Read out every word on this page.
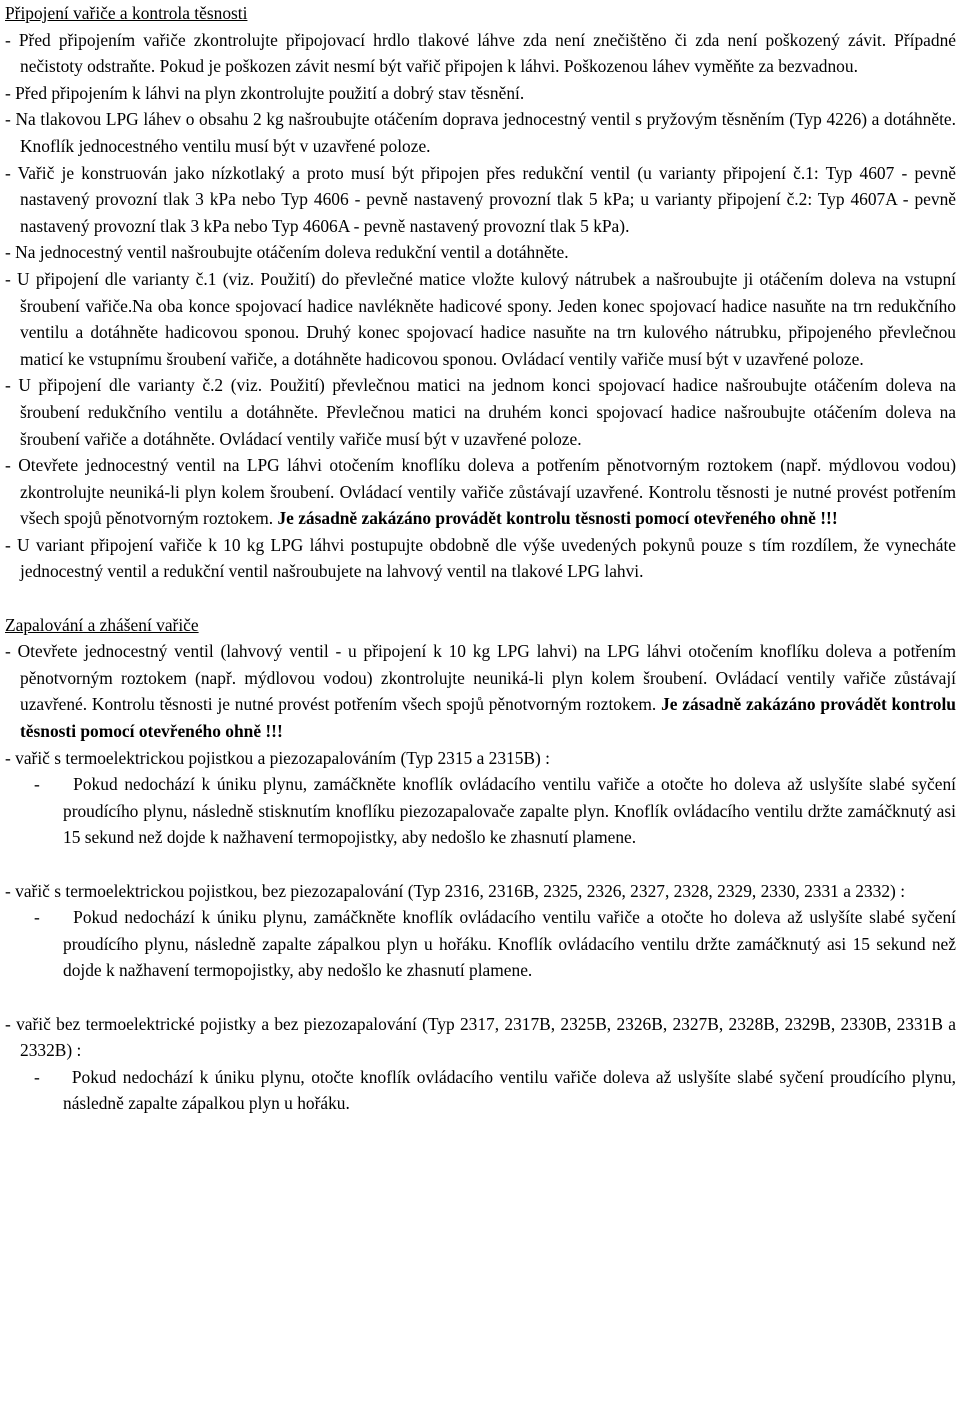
Připojení vařiče a kontrola těsnosti

- Před připojením vařiče zkontrolujte připojovací hrdlo tlakové láhve zda není znečištěno či zda není poškozený závit. Případné nečistoty odstraňte. Pokud je poškozen závit nesmí být vařič připojen k láhvi. Poškozenou láhev vyměňte za bezvadnou.

- Před připojením k láhvi na plyn zkontrolujte použití a dobrý stav těsnění.

- Na tlakovou LPG láhev o obsahu 2 kg našroubujte otáčením doprava jednocestný ventil s pryžovým těsněním (Typ 4226) a dotáhněte. Knoflík jednocestného ventilu musí být v uzavřené poloze.

- Vařič je konstruován jako nízkotlaký a proto musí být připojen přes redukční ventil (u varianty připojení č.1: Typ 4607 - pevně nastavený provozní tlak 3 kPa nebo Typ 4606 - pevně nastavený provozní tlak 5 kPa; u varianty připojení č.2: Typ 4607A - pevně nastavený provozní tlak 3 kPa nebo Typ 4606A - pevně nastavený provozní tlak 5 kPa).

- Na jednocestný ventil našroubujte otáčením doleva redukční ventil a dotáhněte.

- U připojení dle varianty č.1 (viz. Použití) do převlečné matice vložte kulový nátrubek a našroubujte ji otáčením doleva na vstupní šroubení vařiče.Na oba konce spojovací hadice navlékněte hadicové spony. Jeden konec spojovací hadice nasuňte na trn redukčního ventilu a dotáhněte hadicovou sponou. Druhý konec spojovací hadice nasuňte na trn kulového nátrubku, připojeného převlečnou maticí ke vstupnímu šroubení vařiče, a dotáhněte hadicovou sponou. Ovládací ventily vařiče musí být v uzavřené poloze.

- U připojení dle varianty č.2 (viz. Použití) převlečnou matici na jednom konci spojovací hadice našroubujte otáčením doleva na šroubení redukčního ventilu a dotáhněte. Převlečnou matici na druhém konci spojovací hadice našroubujte otáčením doleva na šroubení vařiče a dotáhněte. Ovládací ventily vařiče musí být v uzavřené poloze.

- Otevřete jednocestný ventil na LPG láhvi otočením knoflíku doleva a potřením pěnotvorným roztokem (např. mýdlovou vodou) zkontrolujte neuniká-li plyn kolem šroubení. Ovládací ventily vařiče zůstávají uzavřené. Kontrolu těsnosti je nutné provést potřením všech spojů pěnotvorným roztokem. Je zásadně zakázáno provádět kontrolu těsnosti pomocí otevřeného ohně !!!

- U variant připojení vařiče k 10 kg LPG láhvi postupujte obdobně dle výše uvedených pokynů pouze s tím rozdílem, že vynecháte jednocestný ventil a redukční ventil našroubujete na lahvový ventil na tlakové LPG lahvi.

Zapalování a zhášení vařiče

- Otevřete jednocestný ventil (lahvový ventil - u připojení k 10 kg LPG lahvi) na LPG láhvi otočením knoflíku doleva a potřením pěnotvorným roztokem (např. mýdlovou vodou) zkontrolujte neuniká-li plyn kolem šroubení. Ovládací ventily vařiče zůstávají uzavřené. Kontrolu těsnosti je nutné provést potřením všech spojů pěnotvorným roztokem. Je zásadně zakázáno provádět kontrolu těsnosti pomocí otevřeného ohně !!!

- vařič s termoelektrickou pojistkou a piezozapalováním (Typ 2315 a 2315B) :

-     Pokud nedochází k úniku plynu, zamáčkněte knoflík ovládacího ventilu vařiče a otočte ho doleva až uslyšíte slabé syčení proudícího plynu, následně stisknutím knoflíku piezozapalovače zapalte plyn. Knoflík ovládacího ventilu držte zamáčknutý asi 15 sekund než dojde k nažhavení termopojistky, aby nedošlo ke zhasnutí plamene.

- vařič s termoelektrickou pojistkou, bez piezozapalování (Typ 2316, 2316B, 2325, 2326, 2327, 2328, 2329, 2330, 2331 a 2332) :

-     Pokud nedochází k úniku plynu, zamáčkněte knoflík ovládacího ventilu vařiče a otočte ho doleva až uslyšíte slabé syčení proudícího plynu, následně zapalte zápalkou plyn u hořáku. Knoflík ovládacího ventilu držte zamáčknutý asi 15 sekund než dojde k nažhavení termopojistky, aby nedošlo ke zhasnutí plamene.

- vařič bez termoelektrické pojistky a bez piezozapalování (Typ 2317, 2317B, 2325B, 2326B, 2327B, 2328B, 2329B, 2330B, 2331B a 2332B) :

-     Pokud nedochází k úniku plynu, otočte knoflík ovládacího ventilu vařiče doleva až uslyšíte slabé syčení proudícího plynu, následně zapalte zápalkou plyn u hořáku.
